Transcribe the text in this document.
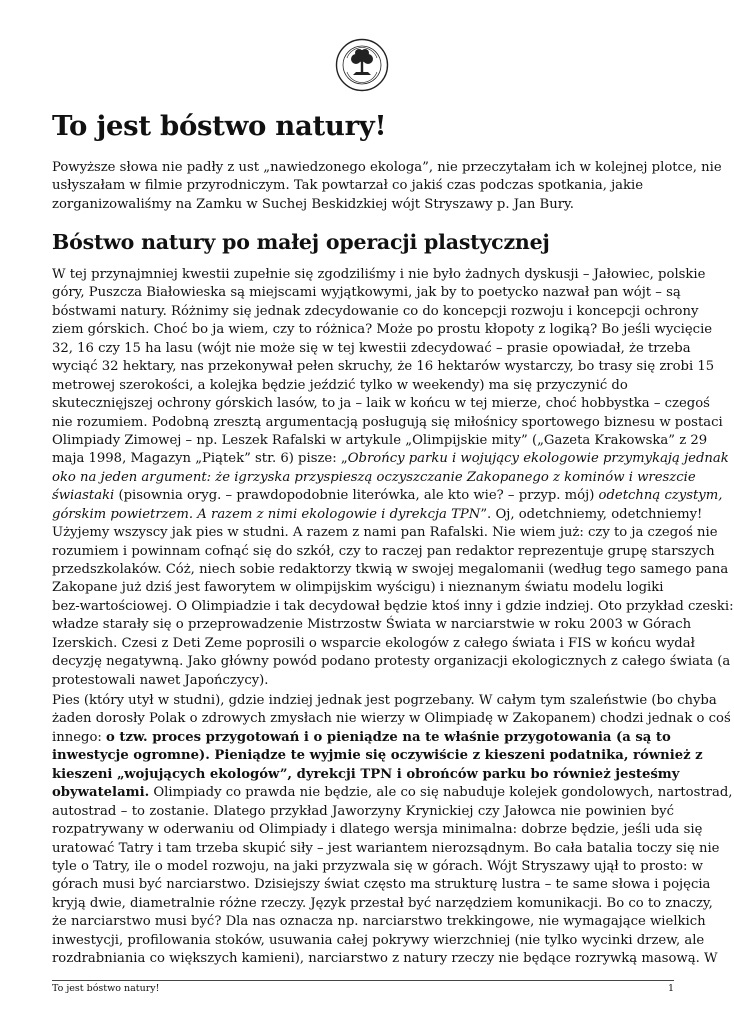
To jest bóstwo natury!
Powyższe słowa nie padły z ust „nawiedzonego ekologa”, nie przeczytałam ich w kolejnej plotce, nie
usłyszałam w filmie przyrodniczym. Tak powtarzał co jakiś czas podczas spotkania, jakie
zorganizowaliśmy na Zamku w Suchej Beskidzkiej wójt Stryszawy p. Jan Bury.
Bóstwo natury po małej operacji plastycznej
W tej przynajmniej kwestii zupełnie się zgodziliśmy i nie było żadnych dyskusji – Jałowiec, polskie
góry, Puszcza Białowieska są miejscami wyjątkowymi, jak by to poetycko nazwał pan wójt – są
bóstwami natury. Różnimy się jednak zdecydowanie co do koncepcji rozwoju i koncepcji ochrony
ziem górskich. Choć bo ja wiem, czy to różnica? Może po prostu kłopoty z logiką? Bo jeśli wycięcie
32, 16 czy 15 ha lasu (wójt nie może się w tej kwestii zdecydować – prasie opowiadał, że trzeba
wyciąć 32 hektary, nas przekonywał pełen skruchy, że 16 hektarów wystarczy, bo trasy się zrobi 15
metrowej szerokości, a kolejka będzie jeździć tylko w weekendy) ma się przyczynić do
skutecznięjszej ochrony górskich lasów, to ja – laik w końcu w tej mierze, choć hobbystka – czegoś
nie rozumiem. Podobną zresztą argumentacją posługują się miłośnicy sportowego biznesu w postaci
Olimpiady Zimowej – np. Leszek Rafalski w artykule „Olimpijskie mity” („Gazeta Krakowska” z 29
maja 1998, Magazyn „Piątek” str. 6) pisze: „Obrońcy parku i wojujący ekologowie przymykają jednak
oko na jeden argument: że igrzyska przyspieszą oczyszczanie Zakopanego z kominów i wreszcie
świastaki (pisownia oryg. – prawdopodobnie literówka, ale kto wie? – przyp. mój) odetchną czystym,
górskim powietrzem. A razem z nimi ekologowie i dyrekcja TPN”. Oj, odetchniemy, odetchniemy!
Użyjemy wszyscy jak pies w studni. A razem z nami pan Rafalski. Nie wiem już: czy to ja czegoś nie
rozumiem i powinnam cofnąć się do szkół, czy to raczej pan redaktor reprezentuje grupę starszych
przedszkolaków. Cóż, niech sobie redaktorzy tkwią w swojej megalomanii (według tego samego pana
Zakopane już dziś jest faworytem w olimpijskim wyścigu) i nieznanym światu modelu logiki
bez-wartościowej. O Olimpiadzie i tak decydował będzie ktoś inny i gdzie indziej. Oto przykład czeski:
władze starały się o przeprowadzenie Mistrzostw Świata w narciarstwie w roku 2003 w Górach
Izerskich. Czesi z Deti Zeme poprosili o wsparcie ekologów z całego świata i FIS w końcu wydał
decyzję negatywną. Jako główny powód podano protesty organizacji ekologicznych z całego świata (a
protestowali nawet Japończycy).
Pies (który utył w studni), gdzie indziej jednak jest pogrzebany. W całym tym szaleństwie (bo chyba
żaden dorosły Polak o zdrowych zmysłach nie wierzy w Olimpiadę w Zakopanem) chodzi jednak o coś
innego: o tzw. proces przygotowań i o pieniądze na te właśnie przygotowania (a są to
inwestycje ogromne). Pieniądze te wyjmie się oczywiście z kieszeni podatnika, również z
kieszeni „wojujących ekologów”, dyrekcji TPN i obrońców parku bo również jesteśmy
obywatelami. Olimpiady co prawda nie będzie, ale co się nabuduje kolejek gondolowych, nartostrad,
autostrad – to zostanie. Dlatego przykład Jaworzyny Krynickiej czy Jałowca nie powinien być
rozpatrywany w oderwaniu od Olimpiady i dlatego wersja minimalna: dobrze będzie, jeśli uda się
uratować Tatry i tam trzeba skupić siły – jest wariantem nierozsądnym. Bo cała batalia toczy się nie
tyle o Tatry, ile o model rozwoju, na jaki przyzwala się w górach. Wójt Stryszawy ujął to prosto: w
górach musi być narciarstwo. Dzisiejszy świat często ma strukturę lustra – te same słowa i pojęcia
kryją dwie, diametralnie różne rzeczy. Język przestał być narzędziem komunikacji. Bo co to znaczy,
że narciarstwo musi być? Dla nas oznacza np. narciarstwo trekkingowe, nie wymagające wielkich
inwestycji, profilowania stoków, usuwania całej pokrywy wierzchniej (nie tylko wycinki drzew, ale
rozdrabniania co większych kamieni), narciarstwo z natury rzeczy nie będące rozrywką masową. W
To jest bóstwo natury!	1
